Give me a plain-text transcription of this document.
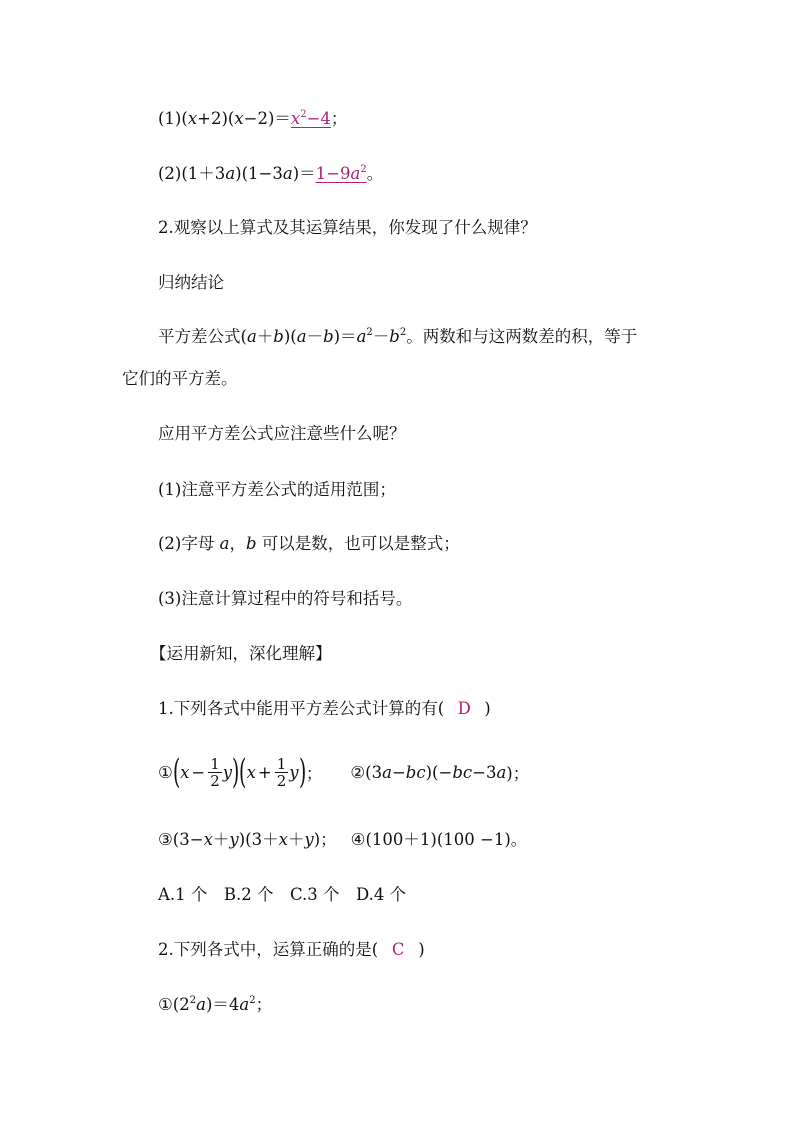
$(1)(x+2)(x-2)=x^2-4$；
$(2)(1+3a)(1-3a)=1-9a^2$。
2.观察以上算式及其运算结果，你发现了什么规律？
归纳结论
平方差公式$(a+b)(a-b)=a^2-b^2$。两数和与这两数差的积，等于
它们的平方差。
应用平方差公式应注意些什么呢？
(1)注意平方差公式的适用范围；
(2)字母 a，b 可以是数，也可以是整式；
(3)注意计算过程中的符号和括号。
【运用新知，深化理解】
1.下列各式中能用平方差公式计算的有( D )
① ( $x - \frac{1}{2}$ y ) ( $x + \frac{1}{2}$ y ) ； ②(3 a − bc )(− bc −3 a )；
③(3−x＋y)(3＋x＋y)； ④(100＋1)(100 −1)。
A.1 个　B.2 个　C.3 个　D.4 个
2.下列各式中，运算正确的是( C )
$①(2^2a)=4a^2$；
